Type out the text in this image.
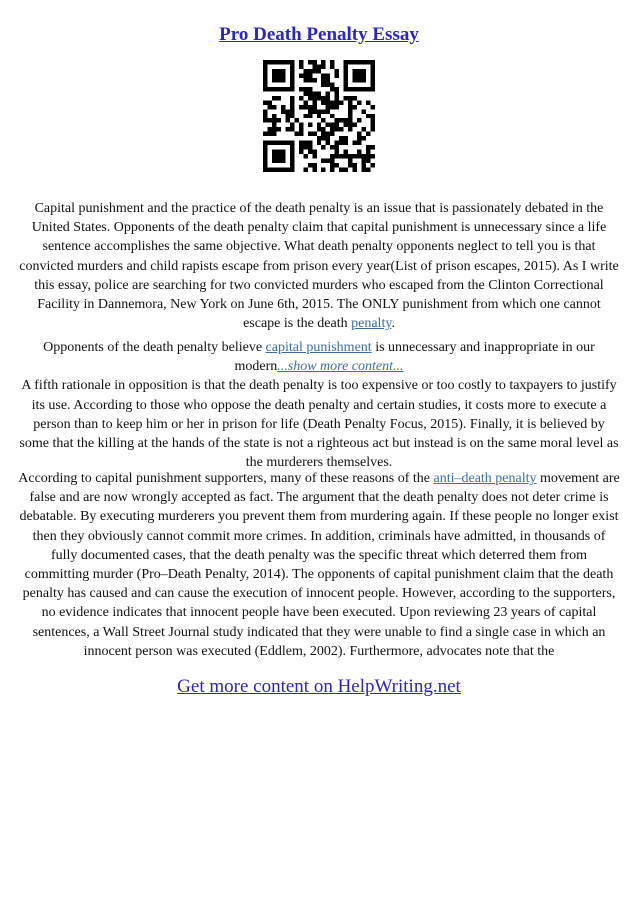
Pro Death Penalty Essay

Capital punishment and the practice of the death penalty is an issue that is passionately debated in the United States. Opponents of the death penalty claim that capital punishment is unnecessary since a life sentence accomplishes the same objective. What death penalty opponents neglect to tell you is that convicted murders and child rapists escape from prison every year(List of prison escapes, 2015). As I write this essay, police are searching for two convicted murders who escaped from the Clinton Correctional Facility in Dannemora, New York on June 6th, 2015. The ONLY punishment from which one cannot escape is the death penalty.

Opponents of the death penalty believe capital punishment is unnecessary and inappropriate in our modern...show more content...
A fifth rationale in opposition is that the death penalty is too expensive or too costly to taxpayers to justify its use. According to those who oppose the death penalty and certain studies, it costs more to execute a person than to keep him or her in prison for life (Death Penalty Focus, 2015). Finally, it is believed by some that the killing at the hands of the state is not a righteous act but instead is on the same moral level as the murderers themselves.

According to capital punishment supporters, many of these reasons of the anti–death penalty movement are false and are now wrongly accepted as fact. The argument that the death penalty does not deter crime is debatable. By executing murderers you prevent them from murdering again. If these people no longer exist then they obviously cannot commit more crimes. In addition, criminals have admitted, in thousands of fully documented cases, that the death penalty was the specific threat which deterred them from committing murder (Pro–Death Penalty, 2014). The opponents of capital punishment claim that the death penalty has caused and can cause the execution of innocent people. However, according to the supporters, no evidence indicates that innocent people have been executed. Upon reviewing 23 years of capital sentences, a Wall Street Journal study indicated that they were unable to find a single case in which an innocent person was executed (Eddlem, 2002). Furthermore, advocates note that the

Get more content on HelpWriting.net
